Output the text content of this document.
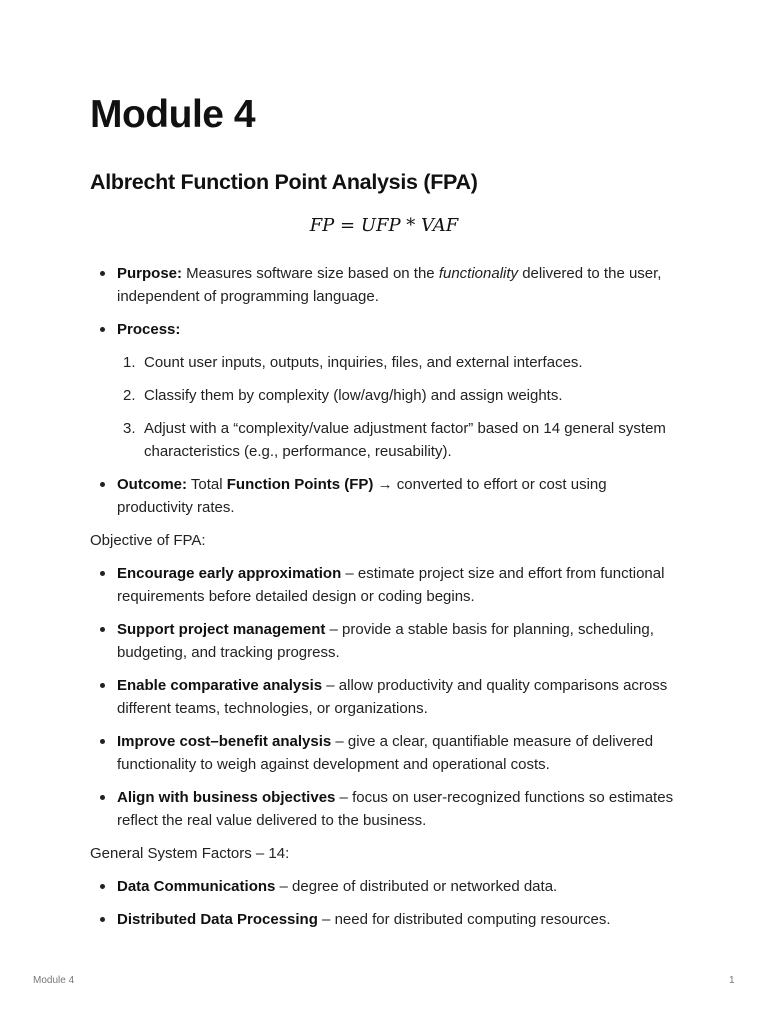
Module 4
Albrecht Function Point Analysis (FPA)
FP = UFP * VAF
Purpose: Measures software size based on the functionality delivered to the user, independent of programming language.
Process:
1. Count user inputs, outputs, inquiries, files, and external interfaces.
2. Classify them by complexity (low/avg/high) and assign weights.
3. Adjust with a “complexity/value adjustment factor” based on 14 general system characteristics (e.g., performance, reusability).
Outcome: Total Function Points (FP) → converted to effort or cost using productivity rates.

Objective of FPA:

Encourage early approximation – estimate project size and effort from functional requirements before detailed design or coding begins.
Support project management – provide a stable basis for planning, scheduling, budgeting, and tracking progress.
Enable comparative analysis – allow productivity and quality comparisons across different teams, technologies, or organizations.
Improve cost–benefit analysis – give a clear, quantifiable measure of delivered functionality to weigh against development and operational costs.
Align with business objectives – focus on user-recognized functions so estimates reflect the real value delivered to the business.

General System Factors – 14:

Data Communications – degree of distributed or networked data.
Distributed Data Processing – need for distributed computing resources.
Module 4	1
